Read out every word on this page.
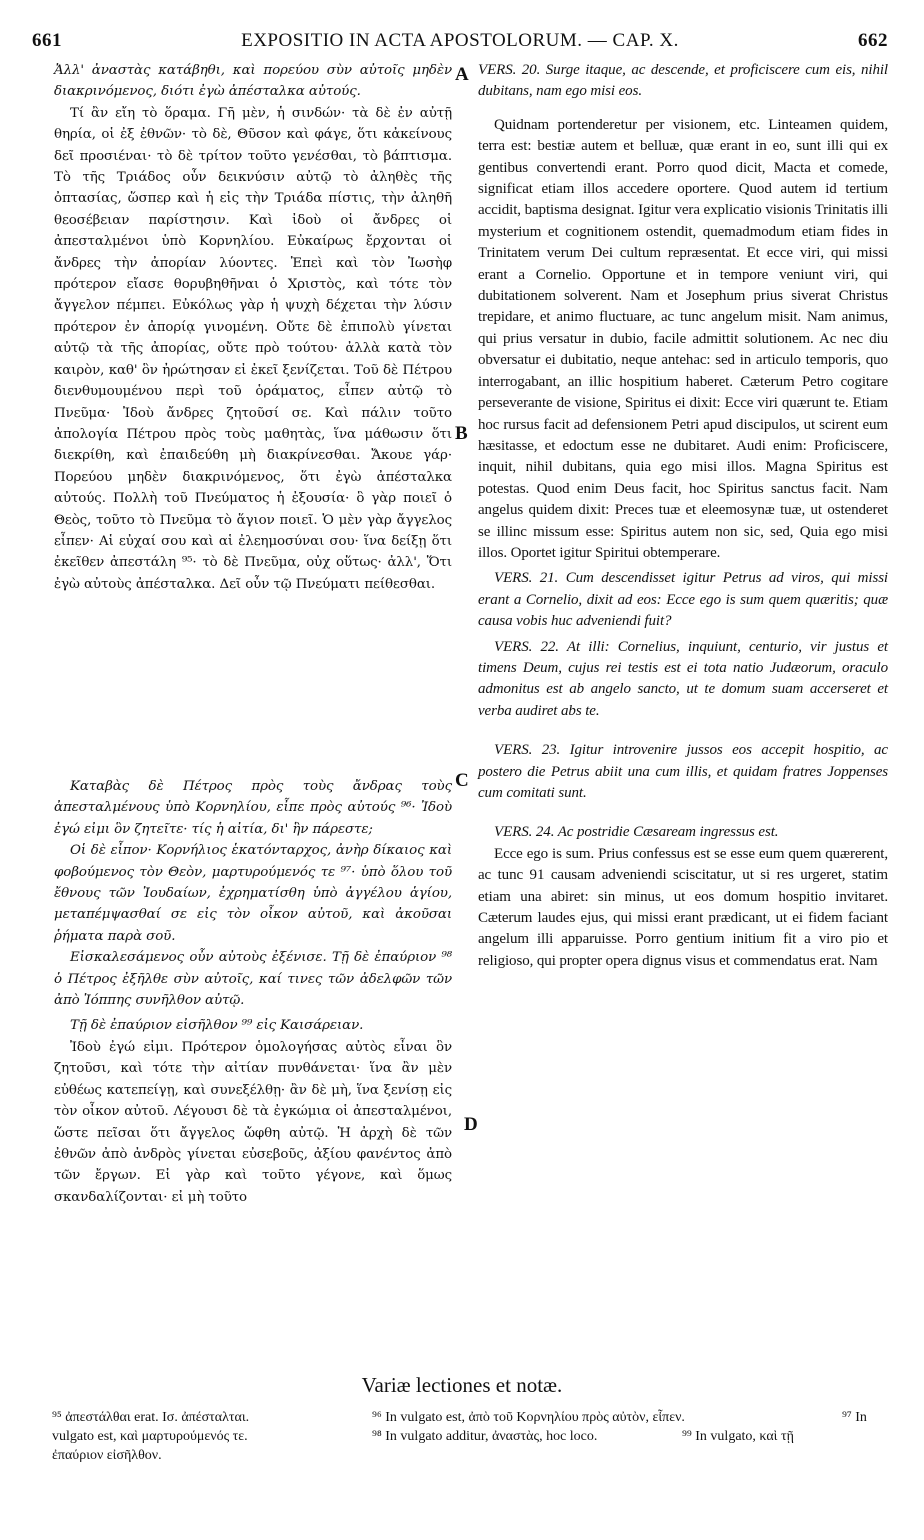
661	EXPOSITIO IN ACTA APOSTOLORUM. — CAP. X.	662
A
B
C
D

Ἀλλ' ἀναστὰς κατάβηθι, καὶ πορεύου σὺν αὐτοῖς μηδὲν διακρινόμενος, διότι ἐγὼ ἀπέσταλκα αὐτούς.

Τί ἂν εἴη τὸ ὅραμα. Γῆ μὲν, ἡ σινδών· τὰ δὲ ἐν αὐτῇ θηρία, οἱ ἐξ ἐθνῶν· τὸ δὲ, Θῦσον καὶ φάγε, ὅτι κἀκείνους δεῖ προσιέναι· τὸ δὲ τρίτον τοῦτο γενέσθαι, τὸ βάπτισμα. Τὸ τῆς Τριάδος οὖν δεικνύσιν αὐτῷ τὸ ἀληθὲς τῆς ὀπτασίας, ὥσπερ καὶ ἡ εἰς τὴν Τριάδα πίστις, τὴν ἀληθῆ θεοσέβειαν παρίστησιν. Καὶ ἰδοὺ οἱ ἄνδρες οἱ ἀπεσταλμένοι ὑπὸ Κορνηλίου. Εὐκαίρως ἔρχονται οἱ ἄνδρες τὴν ἀπορίαν λύοντες. Ἐπεὶ καὶ τὸν Ἰωσὴφ πρότερον εἴασε θορυβηθῆναι ὁ Χριστὸς, καὶ τότε τὸν ἄγγελον πέμπει. Εὐκόλως γὰρ ἡ ψυχὴ δέχεται τὴν λύσιν πρότερον ἐν ἀπορίᾳ γινομένη. Οὔτε δὲ ἐπιπολὺ γίνεται αὐτῷ τὰ τῆς ἀπορίας, οὔτε πρὸ τούτου· ἀλλὰ κατὰ τὸν καιρὸν, καθ' ὃν ἠρώτησαν εἰ ἐκεῖ ξενίζεται. Τοῦ δὲ Πέτρου διενθυμουμένου περὶ τοῦ ὁράματος, εἶπεν αὐτῷ τὸ Πνεῦμα· Ἰδοὺ ἄνδρες ζητοῦσί σε. Καὶ πάλιν τοῦτο ἀπολογία Πέτρου πρὸς τοὺς μαθητὰς, ἵνα μάθωσιν ὅτι διεκρίθη, καὶ ἐπαιδεύθη μὴ διακρίνεσθαι. Ἄκουε γάρ· Πορεύου μηδὲν διακρινόμενος, ὅτι ἐγὼ ἀπέσταλκα αὐτούς. Πολλὴ τοῦ Πνεύματος ἡ ἐξουσία· ὃ γὰρ ποιεῖ ὁ Θεὸς, τοῦτο τὸ Πνεῦμα τὸ ἅγιον ποιεῖ. Ὁ μὲν γὰρ ἄγγελος εἶπεν· Αἱ εὐχαί σου καὶ αἱ ἐλεημοσύναι σου· ἵνα δείξῃ ὅτι ἐκεῖθεν ἀπεστάλη ⁹⁵· τὸ δὲ Πνεῦμα, οὐχ οὕτως· ἀλλ', Ὅτι ἐγὼ αὐτοὺς ἀπέσταλκα. Δεῖ οὖν τῷ Πνεύματι πείθεσθαι.

Καταβὰς δὲ Πέτρος πρὸς τοὺς ἄνδρας τοὺς ἀπεσταλμένους ὑπὸ Κορνηλίου, εἶπε πρὸς αὐτούς ⁹⁶· Ἰδοὺ ἐγώ εἰμι ὃν ζητεῖτε· τίς ἡ αἰτία, δι' ἣν πάρεστε;

Οἱ δὲ εἶπον· Κορνήλιος ἑκατόνταρχος, ἀνὴρ δίκαιος καὶ φοβούμενος τὸν Θεὸν, μαρτυρούμενός τε ⁹⁷· ὑπὸ ὅλου τοῦ ἔθνους τῶν Ἰουδαίων, ἐχρηματίσθη ὑπὸ ἀγγέλου ἁγίου, μεταπέμψασθαί σε εἰς τὸν οἶκον αὐτοῦ, καὶ ἀκοῦσαι ῥήματα παρὰ σοῦ.

Εἰσκαλεσάμενος οὖν αὐτοὺς ἐξένισε. Τῇ δὲ ἐπαύριον ⁹⁸ ὁ Πέτρος ἐξῆλθε σὺν αὐτοῖς, καί τινες τῶν ἀδελφῶν τῶν ἀπὸ Ἰόππης συνῆλθον αὐτῷ.

Τῇ δὲ ἐπαύριον εἰσῆλθον ⁹⁹ εἰς Καισάρειαν.

Ἰδοὺ ἐγώ εἰμι. Πρότερον ὁμολογήσας αὐτὸς εἶναι ὃν ζητοῦσι, καὶ τότε τὴν αἰτίαν πυνθάνεται· ἵνα ἂν μὲν εὐθέως κατεπείγῃ, καὶ συνεξέλθῃ· ἂν δὲ μὴ, ἵνα ξενίσῃ εἰς τὸν οἶκον αὐτοῦ. Λέγουσι δὲ τὰ ἐγκώμια οἱ ἀπεσταλμένοι, ὥστε πεῖσαι ὅτι ἄγγελος ὤφθη αὐτῷ. Ἡ ἀρχὴ δὲ τῶν ἐθνῶν ἀπὸ ἀνδρὸς γίνεται εὐσεβοῦς, ἀξίου φανέντος ἀπὸ τῶν ἔργων. Εἰ γὰρ καὶ τοῦτο γέγονε, καὶ ὅμως σκανδαλίζονται· εἰ μὴ τοῦτο

VERS. 20. Surge itaque, ac descende, et proficiscere cum eis, nihil dubitans, nam ego misi eos.

Quidnam portenderetur per visionem, etc. Linteamen quidem, terra est: bestiæ autem et belluæ, quæ erant in eo, sunt illi qui ex gentibus convertendi erant. Porro quod dicit, Macta et comede, significat etiam illos accedere oportere. Quod autem id tertium accidit, baptisma designat. Igitur vera explicatio visionis Trinitatis illi mysterium et cognitionem ostendit, quemadmodum etiam fides in Trinitatem verum Dei cultum repræsentat. Et ecce viri, qui missi erant a Cornelio. Opportune et in tempore veniunt viri, qui dubitationem solverent. Nam et Josephum prius siverat Christus trepidare, et animo fluctuare, ac tunc angelum misit. Nam animus, qui prius versatur in dubio, facile admittit solutionem. Ac nec diu obversatur ei dubitatio, neque antehac: sed in articulo temporis, quo interrogabant, an illic hospitium haberet. Cæterum Petro cogitare perseverante de visione, Spiritus ei dixit: Ecce viri quærunt te. Etiam hoc rursus facit ad defensionem Petri apud discipulos, ut scirent eum hæsitasse, et edoctum esse ne dubitaret. Audi enim: Proficiscere, inquit, nihil dubitans, quia ego misi illos. Magna Spiritus est potestas. Quod enim Deus facit, hoc Spiritus sanctus facit. Nam angelus quidem dixit: Preces tuæ et eleemosynæ tuæ, ut ostenderet se illinc missum esse: Spiritus autem non sic, sed, Quia ego misi illos. Oportet igitur Spiritui obtemperare.

VERS. 21. Cum descendisset igitur Petrus ad viros, qui missi erant a Cornelio, dixit ad eos: Ecce ego is sum quem quæritis; quæ causa vobis huc adveniendi fuit?

VERS. 22. At illi: Cornelius, inquiunt, centurio, vir justus et timens Deum, cujus rei testis est ei tota natio Judæorum, oraculo admonitus est ab angelo sancto, ut te domum suam accerseret et verba audiret abs te.

VERS. 23. Igitur introvenire jussos eos accepit hospitio, ac postero die Petrus abiit una cum illis, et quidam fratres Joppenses cum comitati sunt.

VERS. 24. Ac postridie Cæsaream ingressus est.

Ecce ego is sum. Prius confessus est se esse eum quem quærerent, ac tunc 91 causam adveniendi sciscitatur, ut si res urgeret, statim etiam una abiret: sin minus, ut eos domum hospitio invitaret. Cæterum laudes ejus, qui missi erant prædicant, ut ei fidem faciant angelum illi apparuisse. Porro gentium initium fit a viro pio et religioso, qui propter opera dignus visus et commendatus erat. Nam

Variæ lectiones et notæ.
⁹⁵ ἀπεστάλθαι erat. Ισ. ἀπέσταλται.	⁹⁶ In vulgato est, ἀπὸ τοῦ Κορνηλίου πρὸς αὐτὸν, εἶπεν.	⁹⁷ In
vulgato est, καὶ μαρτυρούμενός τε.	⁹⁸ In vulgato additur, ἀναστὰς, hoc loco.	⁹⁹ In vulgato, καὶ τῇ
ἐπαύριον εἰσῆλθον.
